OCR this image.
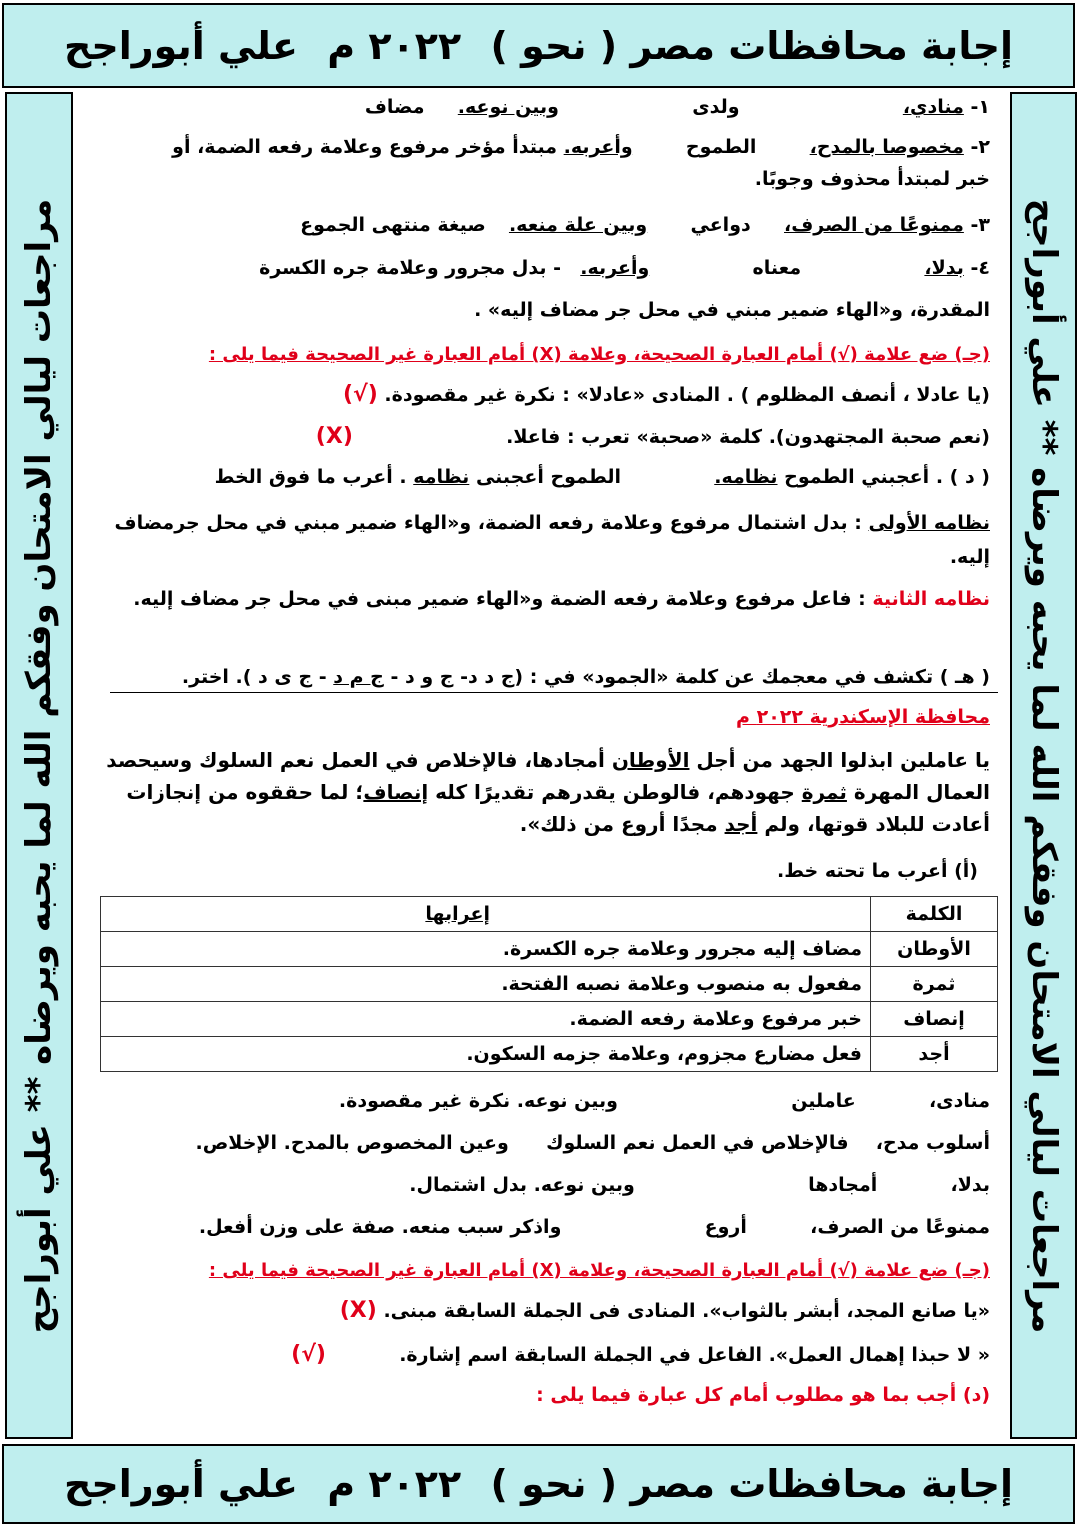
إجابة محافظات مصر ( نحو )
٢٠٢٢ م
علي أبوراجح
مراجعات ليالي الامتحان وفقكم الله لما يحبه ويرضاه ** علي أبوراجح	مراجعات ليالي الامتحان وفقكم الله لما يحبه ويرضاه ** علي أبوراجح
١- منادي،  ولدى  وبين نوعه.  مضاف
٢- مخصوصا بالمدح،  الطموح  وأعربه. مبتدأ مؤخر مرفوع وعلامة رفعه الضمة، أو
خبر لمبتدأ محذوف وجوبًا.
٣- ممنوعًا من الصرف،  دواعي  وبين علة منعه.  صيغة منتهى الجموع
٤- بدلا،  معناه  وأعربه.  - بدل مجرور وعلامة جره الكسرة
المقدرة، و«الهاء ضمير مبني في محل جر مضاف إليه» .
(جـ) ضع علامة (√) أمام العبارة الصحيحة، وعلامة (X) أمام العبارة غير الصحيحة فيما يلى :
(يا عادلا ، أنصف المظلوم ) . المنادى «عادلا» : نكرة غير مقصودة. (√)
(نعم صحبة المجتهدون). كلمة «صحبة» تعرب : فاعلا.  (X)
( د ) . أعجبني الطموح نظامه.  الطموح أعجبنى نظامه . أعرب ما فوق الخط
نظامه الأولى : بدل اشتمال مرفوع وعلامة رفعه الضمة، و«الهاء ضمير مبني في محل جرمضاف إليه.
نظامه الثانية : فاعل مرفوع وعلامة رفعه الضمة و«الهاء ضمير مبنى في محل جر مضاف إليه.
( هـ ) تكشف في معجمك عن كلمة «الجمود» في : (ج د د- ج و د - ج م د - ج ى د ). اختر.
محافظة الإسكندرية ٢٠٢٢ م
يا عاملين ابذلوا الجهد من أجل الأوطان أمجادها، فالإخلاص في العمل نعم السلوك وسيحصد العمال المهرة ثمرة جهودهم، فالوطن يقدرهم تقديرًا كله إنصاف؛ لما حققوه من إنجازات أعادت للبلاد قوتها، ولم أجد مجدًا أروع من ذلك».
(أ) أعرب ما تحته خط.
الكلمة	إعرابها
الأوطان	مضاف إليه مجرور وعلامة جره الكسرة.
ثمرة	مفعول به منصوب وعلامة نصبه الفتحة.
إنصاف	خبر مرفوع وعلامة رفعه الضمة.
أجد	فعل مضارع مجزوم، وعلامة جزمه السكون.
منادى،  عاملين  وبين نوعه. نكرة غير مقصودة.
أسلوب مدح،  فالإخلاص في العمل نعم السلوك  وعين المخصوص بالمدح. الإخلاص.
بدلا،  أمجادها  وبين نوعه. بدل اشتمال.
ممنوعًا من الصرف،  أروع  واذكر سبب منعه. صفة على وزن أفعل.
(جـ) ضع علامة (√) أمام العبارة الصحيحة، وعلامة (X) أمام العبارة غير الصحيحة فيما يلى :
«يا صانع المجد، أبشر بالثواب». المنادى فى الجملة السابقة مبنى. (X)
« لا حبذا إهمال العمل». الفاعل في الجملة السابقة اسم إشارة.  (√)
(د) أجب بما هو مطلوب أمام كل عبارة فيما يلى :
إجابة محافظات مصر ( نحو )
٢٠٢٢ م
علي أبوراجح
